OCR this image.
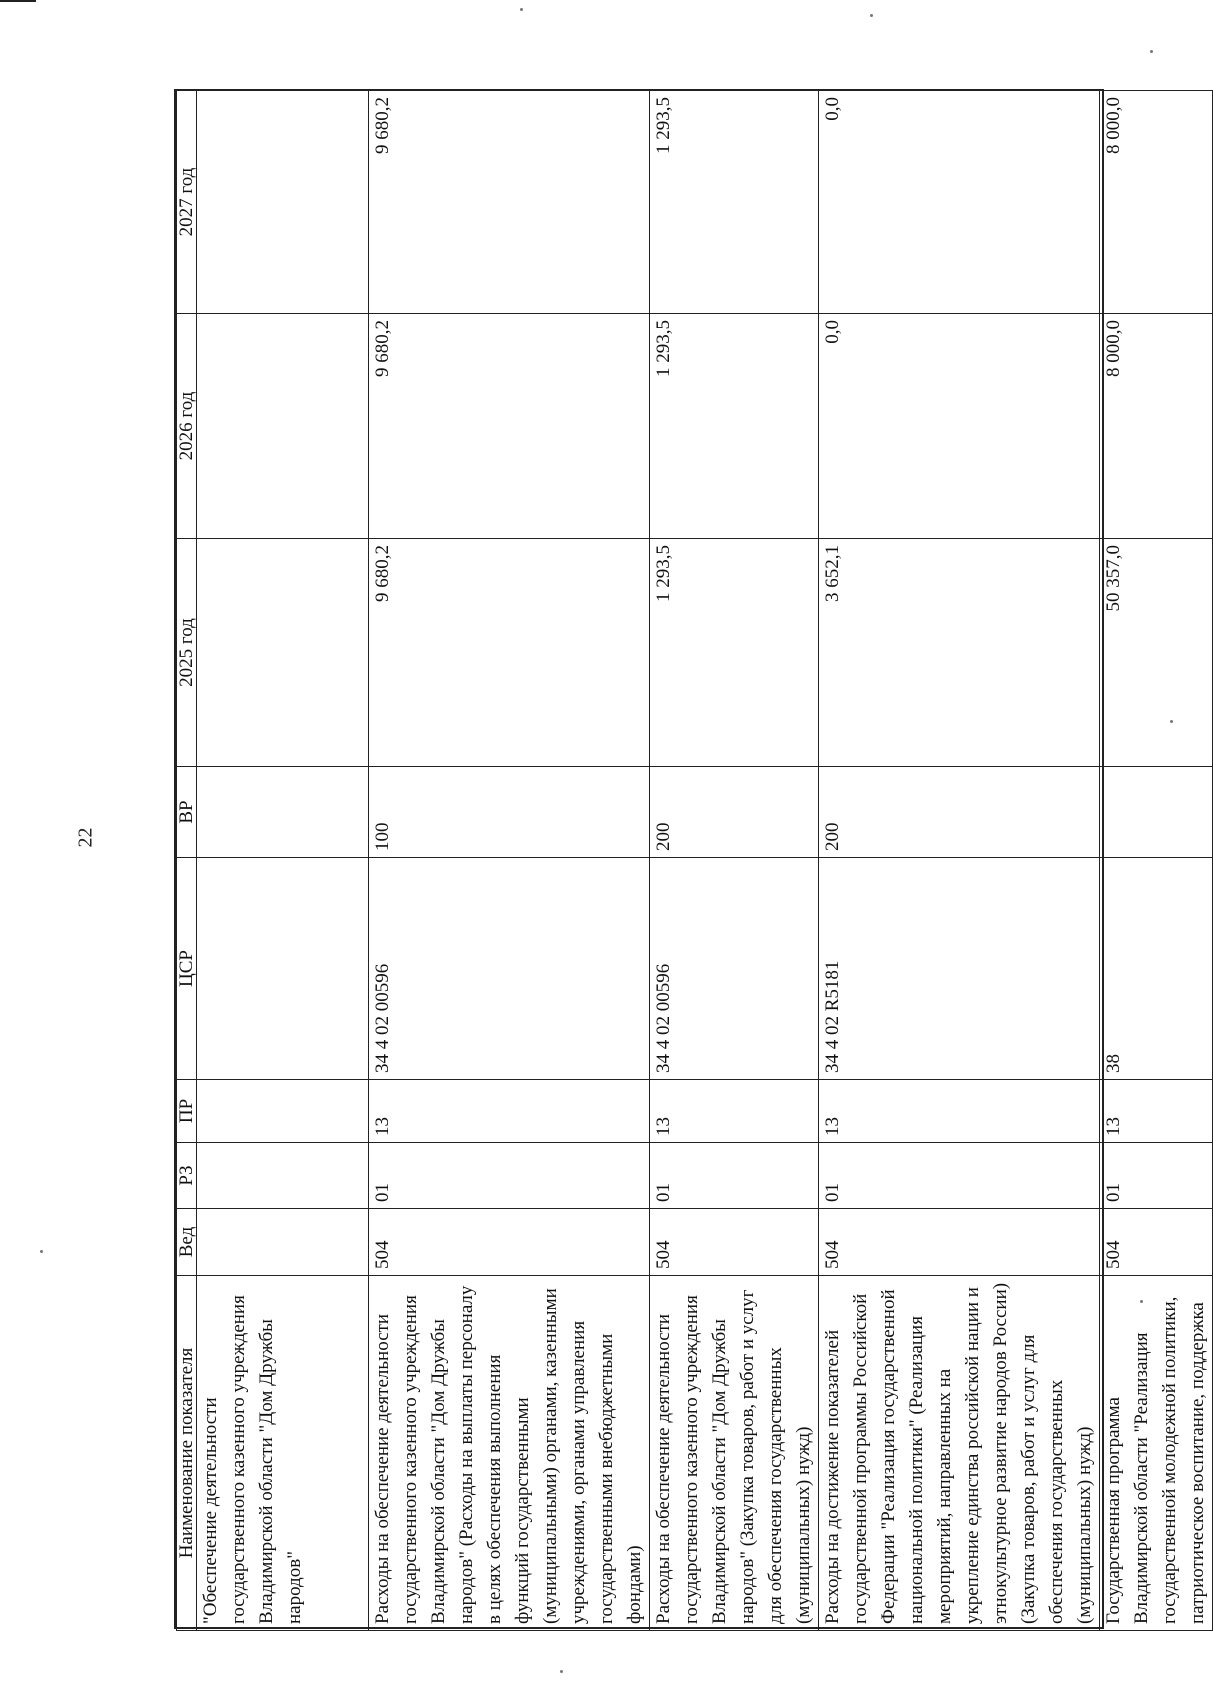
22
Наименование показателя	Вед	РЗ	ПР	ЦСР	ВР	2025 год	2026 год	2027 год
"Обеспечение деятельности государственного казенного учреждения Владимирской области "Дом Дружбы народов"								
Расходы на обеспечение деятельности государственного казенного учреждения Владимирской области "Дом Дружбы народов" (Расходы на выплаты персоналу в целях обеспечения выполнения функций государственными (муниципальными) органами, казенными учреждениями, органами управления государственными внебюджетными фондами)	504	01	13	34 4 02 00596	100	9 680,2	9 680,2	9 680,2
Расходы на обеспечение деятельности государственного казенного учреждения Владимирской области "Дом Дружбы народов" (Закупка товаров, работ и услуг для обеспечения государственных (муниципальных) нужд)	504	01	13	34 4 02 00596	200	1 293,5	1 293,5	1 293,5
Расходы на достижение показателей государственной программы Российской Федерации "Реализация государственной национальной политики" (Реализация мероприятий, направленных на укрепление единства российской нации и этнокультурное развитие народов России) (Закупка товаров, работ и услуг для обеспечения государственных (муниципальных) нужд)	504	01	13	34 4 02 R5181	200	3 652,1	0,0	0,0
Государственная программа Владимирской области "Реализация государственной молодежной политики, патриотическое воспитание, поддержка	504	01	13	38		50 357,0	8 000,0	8 000,0
